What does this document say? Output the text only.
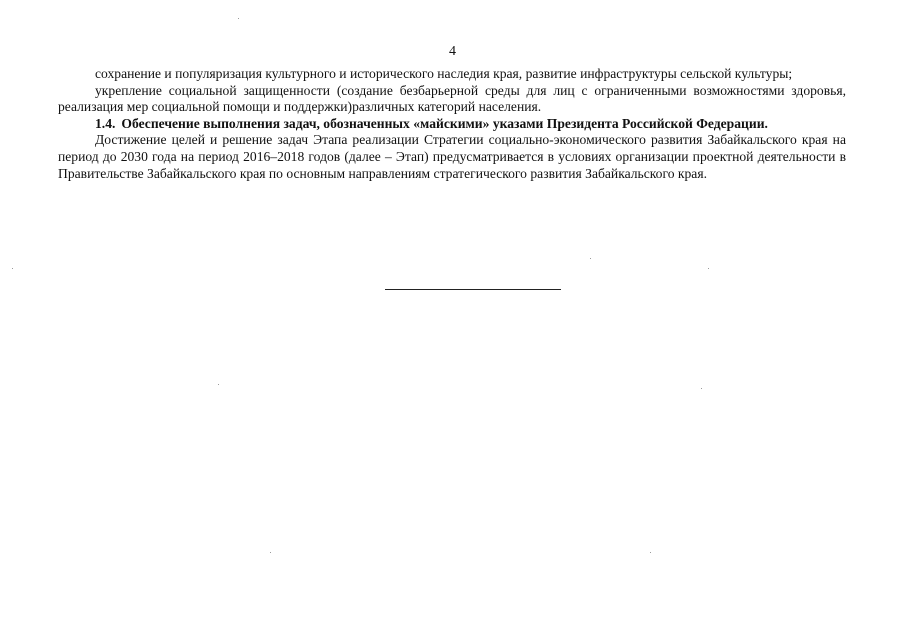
4

сохранение и популяризация культурного и исторического наследия края, развитие инфраструктуры сельской культуры;

укрепление социальной защищенности (создание безбарьерной среды для лиц с ограниченными возможностями здоровья, реализация мер социальной помощи и поддержки)различных категорий населения.

1.4. Обеспечение выполнения задач, обозначенных «майскими» указами Президента Российской Федерации.

Достижение целей и решение задач Этапа реализации Стратегии социально-экономического развития Забайкальского края на период до 2030 года на период 2016–2018 годов (далее – Этап) предусматривается в условиях организации проектной деятельности в Правительстве Забайкальского края по основным направлениям стратегического развития Забайкальского края.
